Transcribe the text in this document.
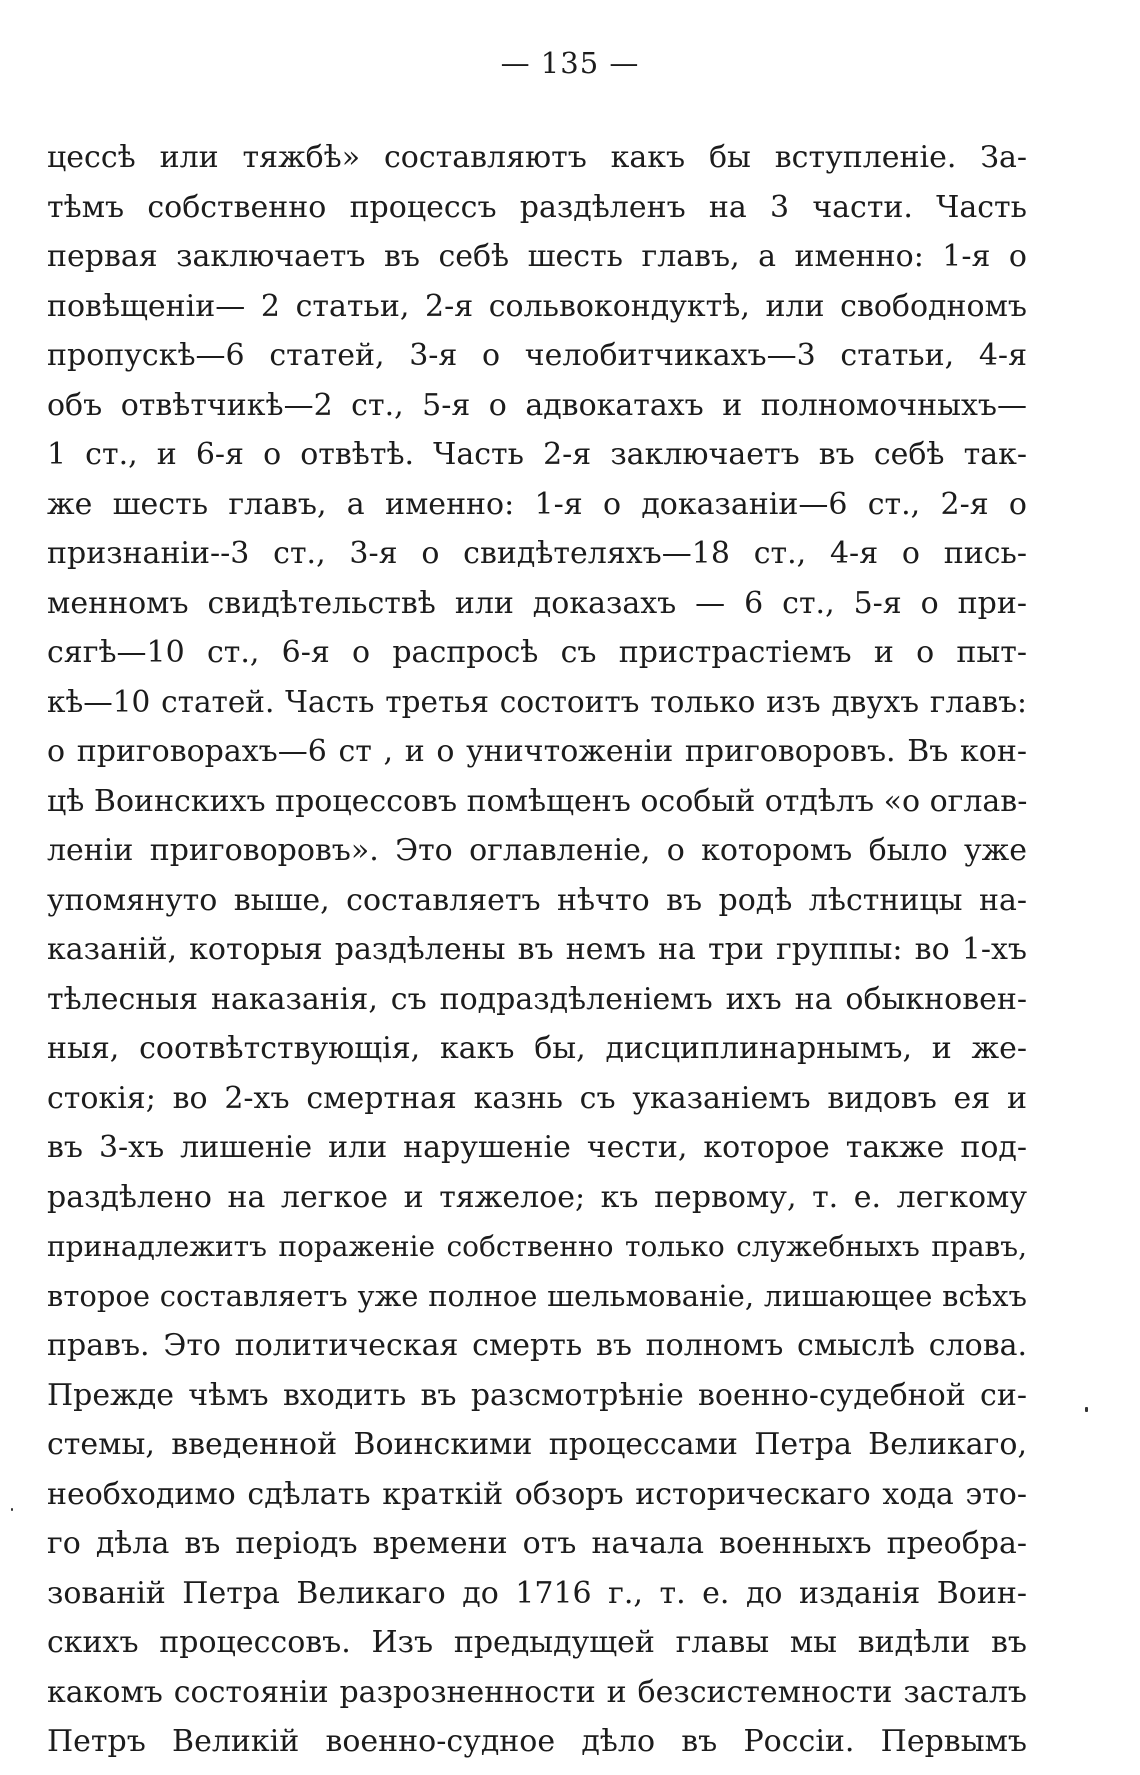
— 135 —
цессѣ или тяжбѣ» составляютъ какъ бы вступленіе. За-
тѣмъ собственно процессъ раздѣленъ на 3 части. Часть
первая заключаетъ въ себѣ шесть главъ, а именно: 1-я о
повѣщеніи— 2 статьи, 2-я сольвокондуктѣ, или свободномъ
пропускѣ—6 статей, 3-я о челобитчикахъ—3 статьи, 4-я
объ отвѣтчикѣ—2 ст., 5-я о адвокатахъ и полномочныхъ—
1 ст., и 6-я о отвѣтѣ. Часть 2-я заключаетъ въ себѣ так-
же шесть главъ, а именно: 1-я о доказаніи—6 ст., 2-я о
признаніи--3 ст., 3-я о свидѣтеляхъ—18 ст., 4-я о пись-
менномъ свидѣтельствѣ или доказахъ — 6 ст., 5-я о при-
сягѣ—10 ст., 6-я о распросѣ съ пристрастіемъ и о пыт-
кѣ—10 статей. Часть третья состоитъ только изъ двухъ главъ:
о приговорахъ—6 ст , и о уничтоженіи приговоровъ. Въ кон-
цѣ Воинскихъ процессовъ помѣщенъ особый отдѣлъ «о оглав-
леніи приговоровъ». Это оглавленіе, о которомъ было уже
упомянуто выше, составляетъ нѣчто въ родѣ лѣстницы на-
казаній, которыя раздѣлены въ немъ на три группы: во 1-хъ
тѣлесныя наказанія, съ подраздѣленіемъ ихъ на обыкновен-
ныя, соотвѣтствующія, какъ бы, дисциплинарнымъ, и же-
стокія; во 2-хъ смертная казнь съ указаніемъ видовъ ея и
въ 3-хъ лишеніе или нарушеніе чести, которое также под-
раздѣлено на легкое и тяжелое; къ первому, т. е. легкому
принадлежитъ пораженіе собственно только служебныхъ правъ,
второе составляетъ уже полное шельмованіе, лишающее всѣхъ
правъ. Это политическая смерть въ полномъ смыслѣ слова.
Прежде чѣмъ входить въ разсмотрѣніе военно-судебной си-
стемы, введенной Воинскими процессами Петра Великаго,
необходимо сдѣлать краткій обзоръ историческаго хода это-
го дѣла въ періодъ времени отъ начала военныхъ преобра-
зованій Петра Великаго до 1716 г., т. е. до изданія Воин-
скихъ процессовъ. Изъ предыдущей главы мы видѣли въ
какомъ состояніи разрозненности и безсистемности засталъ
Петръ Великій военно-судное дѣло въ Россіи. Первымъ
